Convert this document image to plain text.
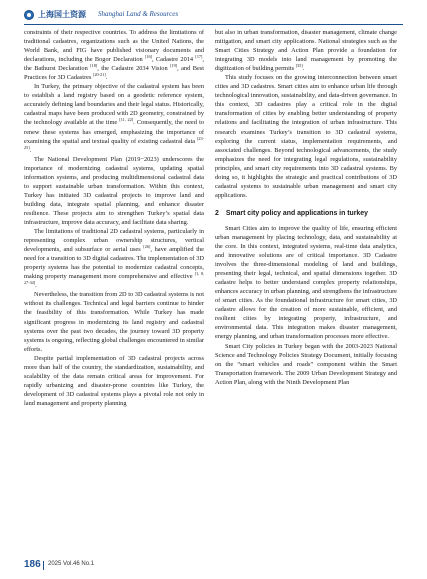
上海国土资源 Shanghai Land & Resources

constraints of their respective countries. To address the limitations of traditional cadastres, organizations such as the United Nations, the World Bank, and FIG have published visionary documents and declarations, including the Bogor Declaration [16], Cadastre 2014 [17], the Bathurst Declaration [18], the Cadastre 2034 Vision [19], and Best Practices for 3D Cadastres [20-21].

In Turkey, the primary objective of the cadastral system has been to establish a land registry based on a geodetic reference system, accurately defining land boundaries and their legal status. Historically, cadastral maps have been produced with 2D geometry, constrained by the technology available at the time [11, 22]. Consequently, the need to renew these systems has emerged, emphasizing the importance of examining the spatial and textual quality of existing cadastral data [23-25].

The National Development Plan (2019−2023) underscores the importance of modernizing cadastral systems, updating spatial information systems, and producing multidimensional cadastral data to support sustainable urban transformation. Within this context, Turkey has initiated 3D cadastral projects to improve land and building data, integrate spatial planning, and enhance disaster resilience. These projects aim to strengthen Turkey’s spatial data infrastructure, improve data accuracy, and facilitate data sharing.

The limitations of traditional 2D cadastral systems, particularly in representing complex urban ownership structures, vertical developments, and subsurface or aerial uses [26], have amplified the need for a transition to 3D digital cadastres. The implementation of 3D property systems has the potential to modernize cadastral concepts, making property management more comprehensive and effective [1, 8, 27-34].

Nevertheless, the transition from 2D to 3D cadastral systems is not without its challenges. Technical and legal barriers continue to hinder the feasibility of this transformation. While Turkey has made significant progress in modernizing its land registry and cadastral systems over the past two decades, the journey toward 3D property systems is ongoing, reflecting global challenges encountered in similar efforts.

Despite partial implementation of 3D cadastral projects across more than half of the country, the standardization, sustainability, and scalability of the data remain critical areas for improvement. For rapidly urbanizing and disaster-prone countries like Turkey, the development of 3D cadastral systems plays a pivotal role not only in land management and property planning

but also in urban transformation, disaster management, climate change mitigation, and smart city applications. National strategies such as the Smart Cities Strategy and Action Plan provide a foundation for integrating 3D models into land management by promoting the digitization of building permits [35].

This study focuses on the growing interconnection between smart cities and 3D cadastres. Smart cities aim to enhance urban life through technological innovation, sustainability, and data-driven governance. In this context, 3D cadastres play a critical role in the digital transformation of cities by enabling better understanding of property relations and facilitating the integration of urban infrastructure. This research examines Turkey’s transition to 3D cadastral systems, exploring the current status, implementation requirements, and associated challenges. Beyond technological advancements, the study emphasizes the need for integrating legal regulations, sustainability principles, and smart city requirements into 3D cadastral systems. By doing so, it highlights the strategic and practical contributions of 3D cadastral systems to sustainable urban management and smart city applications.

2 Smart city policy and applications in turkey

Smart Cities aim to improve the quality of life, ensuring efficient urban management by placing technology, data, and sustainability at the core. In this context, integrated systems, real-time data analytics, and innovative solutions are of critical importance. 3D Cadastre involves the three-dimensional modeling of land and buildings, presenting their legal, technical, and spatial dimensions together. 3D cadastre helps to better understand complex property relationships, enhances accuracy in urban planning, and strengthens the infrastructure of smart cities. As the foundational infrastructure for smart cities, 3D cadastre allows for the creation of more sustainable, efficient, and resilient cities by integrating property, infrastructure, and environmental data. This integration makes disaster management, energy planning, and urban transformation processes more effective.

Smart City policies in Turkey began with the 2003-2023 National Science and Technology Policies Strategy Document, initially focusing on the “smart vehicles and roads” component within the Smart Transportation framework. The 2009 Urban Development Strategy and Action Plan, along with the Ninth Development Plan

186 2025 Vol.46 No.1
